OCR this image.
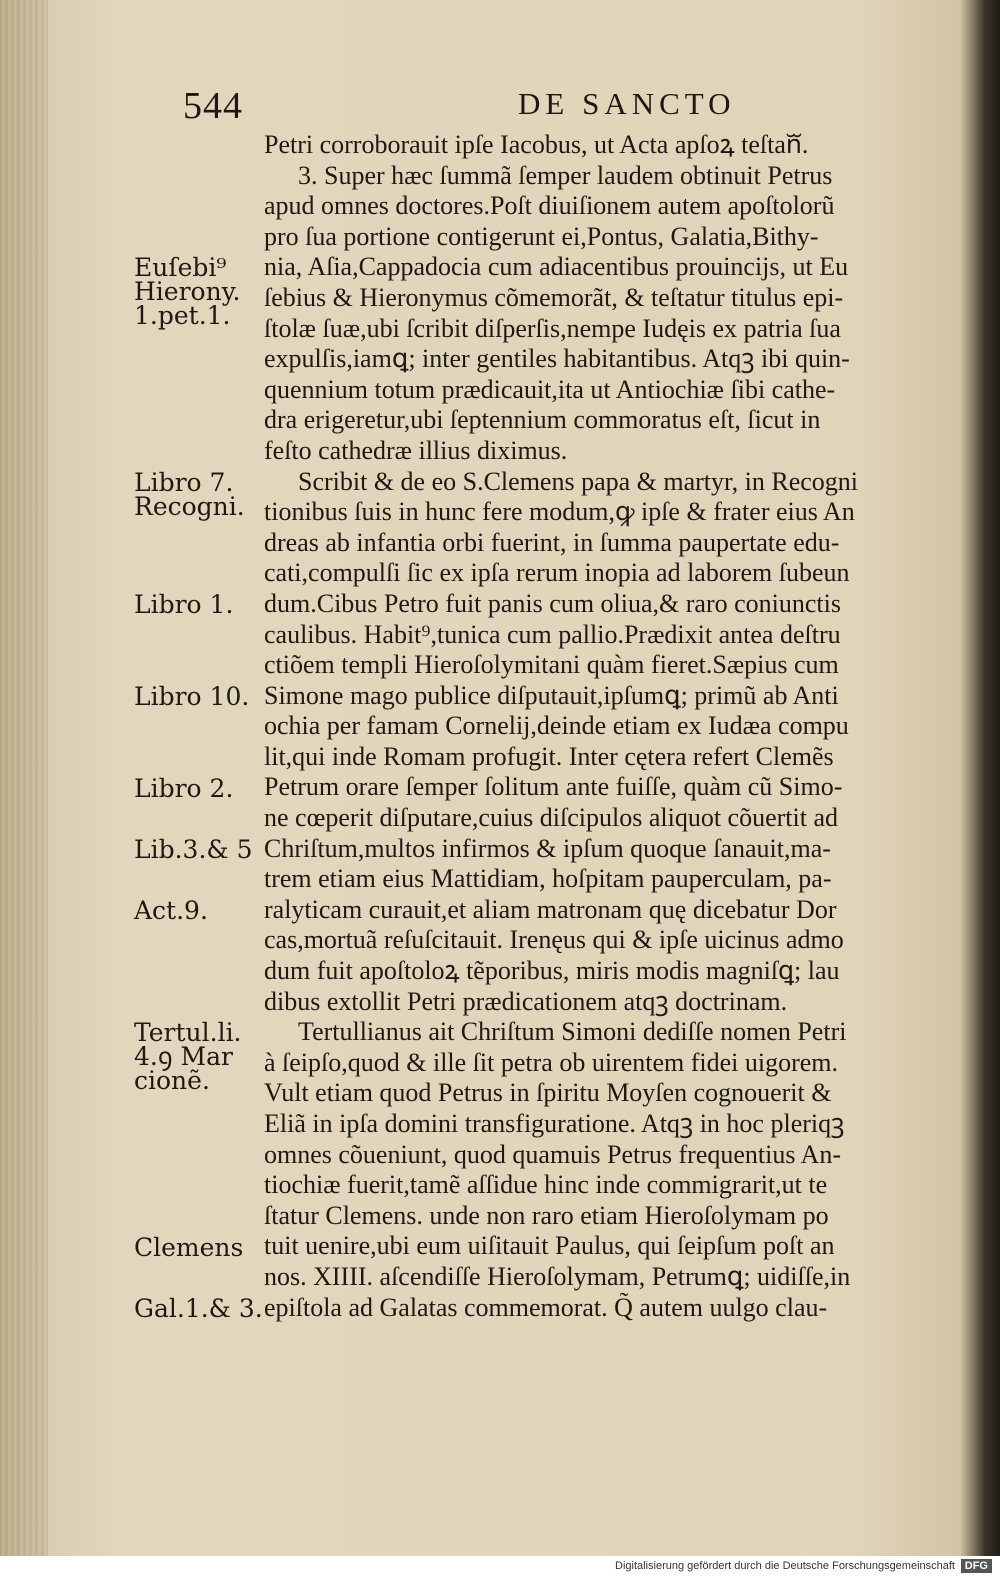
544	DE SANCTO
Petri corroborauit ipſe Iacobus, ut Acta apſoꝝ teſtanᷓ.
3. Super hæc ſummã ſemper laudem obtinuit Petrus
apud omnes doctores.Poſt diuiſionem autem apoſtolorũ
pro ſua portione contigerunt ei,Pontus, Galatia,Bithy-
nia, Aſia,Cappadocia cum adiacentibus prouincijs, ut Eu
ſebius & Hieronymus cõmemorãt, & teſtatur titulus epi-
ſtolæ ſuæ,ubi ſcribit diſperſis,nempe Iudęis ex patria ſua
expulſis,iamꝗ; inter gentiles habitantibus. Atqꝫ ibi quin-
quennium totum prædicauit,ita ut Antiochiæ ſibi cathe-
dra erigeretur,ubi ſeptennium commoratus eſt, ſicut in
feſto cathedræ illius diximus.
Scribit & de eo S.Clemens papa & martyr, in Recogni
tionibus ſuis in hunc fere modum,ꝙ ipſe & frater eius An
dreas ab infantia orbi fuerint, in ſumma paupertate edu-
cati,compulſi ſic ex ipſa rerum inopia ad laborem ſubeun
dum.Cibus Petro fuit panis cum oliua,& raro coniunctis
caulibus. Habit⁹,tunica cum pallio.Prædixit antea deſtru
ctiõem templi Hieroſolymitani quàm fieret.Sæpius cum
Simone mago publice diſputauit,ipſumꝗ; primũ ab Anti
ochia per famam Cornelij,deinde etiam ex Iudæa compu
lit,qui inde Romam profugit. Inter cętera refert Clemẽs
Petrum orare ſemper ſolitum ante fuiſſe, quàm cũ Simo-
ne cœperit diſputare,cuius diſcipulos aliquot cõuertit ad
Chriſtum,multos infirmos & ipſum quoque ſanauit,ma-
trem etiam eius Mattidiam, hoſpitam pauperculam, pa-
ralyticam curauit,et aliam matronam quę dicebatur Dor
cas,mortuã reſuſcitauit. Irenęus qui & ipſe uicinus admo
dum fuit apoſtoloꝝ tẽporibus, miris modis magniſꝗ; lau
dibus extollit Petri prædicationem atqꝫ doctrinam.
Tertullianus ait Chriſtum Simoni dediſſe nomen Petri
à ſeipſo,quod & ille ſit petra ob uirentem fidei uigorem.
Vult etiam quod Petrus in ſpiritu Moyſen cognouerit &
Eliã in ipſa domini transfiguratione. Atqꝫ in hoc pleriqꝫ
omnes cõueniunt, quod quamuis Petrus frequentius An-
tiochiæ fuerit,tamẽ aſſidue hinc inde commigrarit,ut te
ſtatur Clemens. unde non raro etiam Hieroſolymam po
tuit uenire,ubi eum uiſitauit Paulus, qui ſeipſum poſt an
nos. XIIII. aſcendiſſe Hieroſolymam, Petrumꝗ; uidiſſe,in
epiſtola ad Galatas commemorat. Q̃ autem uulgo clau-
Euſebi⁹
Hierony.
1.pet.1.
Libro 7.
Recogni.
Libro 1.
Libro 10.
Libro 2.
Lib.3.& 5
Act.9.
Tertul.li.
4.ꝯ Mar
cionẽ.
Clemens
Gal.1.& 3.
Digitalisierung gefördert durch die Deutsche Forschungsgemeinschaft DFG
